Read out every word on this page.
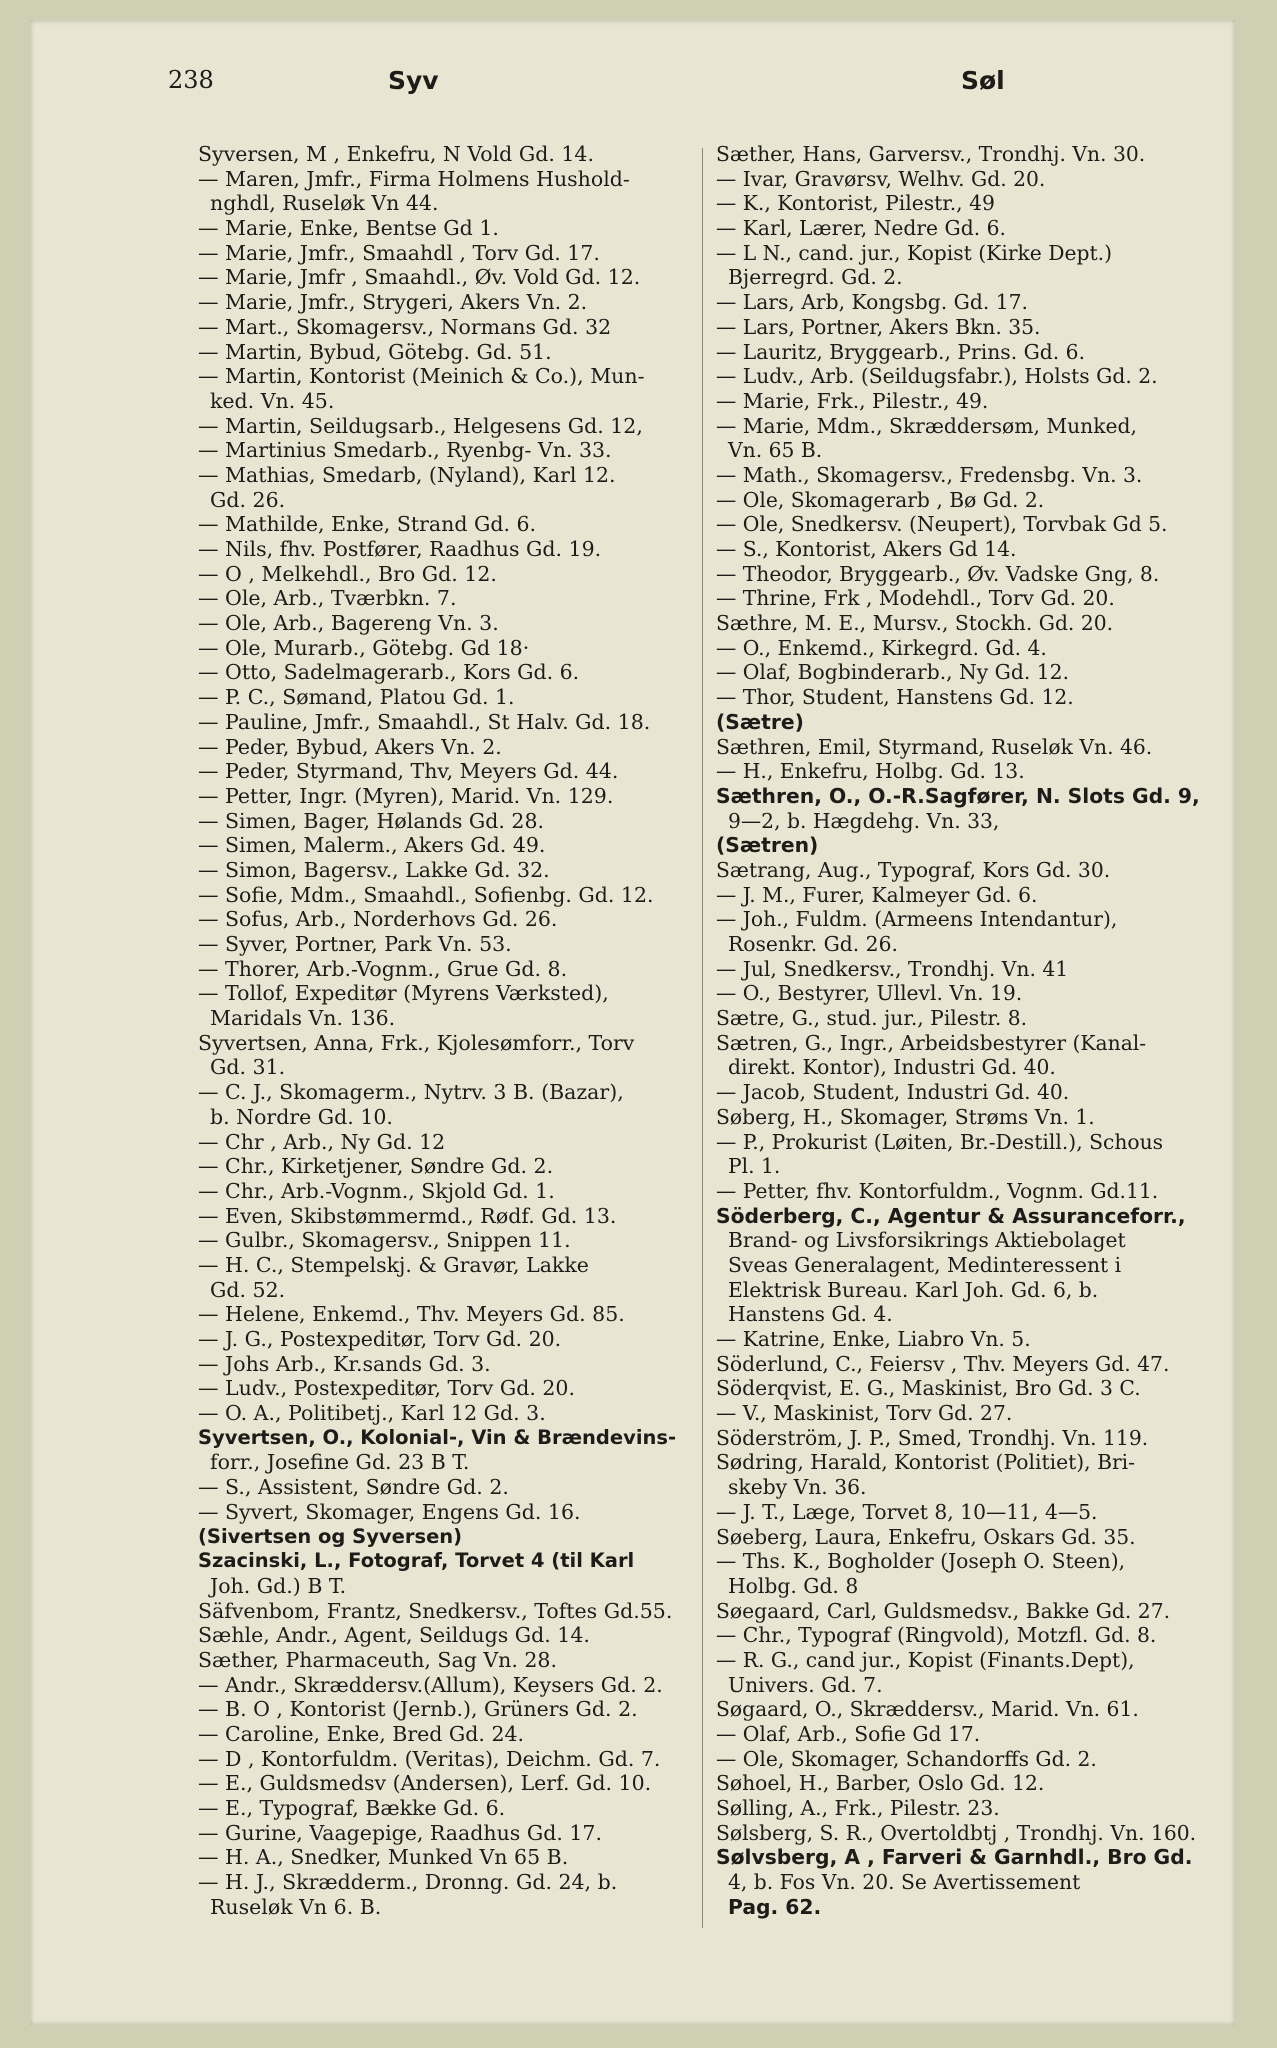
238	Syv	Søl
Syversen, M , Enkefru, N Vold Gd. 14.
— Maren, Jmfr., Firma Holmens Hushold-
nghdl, Ruseløk Vn 44.
— Marie, Enke, Bentse Gd 1.
— Marie, Jmfr., Smaahdl , Torv Gd. 17.
— Marie, Jmfr , Smaahdl., Øv. Vold Gd. 12.
— Marie, Jmfr., Strygeri, Akers Vn. 2.
— Mart., Skomagersv., Normans Gd. 32
— Martin, Bybud, Götebg. Gd. 51.
— Martin, Kontorist (Meinich & Co.), Mun-
ked. Vn. 45.
— Martin, Seildugsarb., Helgesens Gd. 12,
— Martinius Smedarb., Ryenbg- Vn. 33.
— Mathias, Smedarb, (Nyland), Karl 12.
Gd. 26.
— Mathilde, Enke, Strand Gd. 6.
— Nils, fhv. Postfører, Raadhus Gd. 19.
— O , Melkehdl., Bro Gd. 12.
— Ole, Arb., Tværbkn. 7.
— Ole, Arb., Bagereng Vn. 3.
— Ole, Murarb., Götebg. Gd 18·
— Otto, Sadelmagerarb., Kors Gd. 6.
— P. C., Sømand, Platou Gd. 1.
— Pauline, Jmfr., Smaahdl., St Halv. Gd. 18.
— Peder, Bybud, Akers Vn. 2.
— Peder, Styrmand, Thv, Meyers Gd. 44.
— Petter, Ingr. (Myren), Marid. Vn. 129.
— Simen, Bager, Hølands Gd. 28.
— Simen, Malerm., Akers Gd. 49.
— Simon, Bagersv., Lakke Gd. 32.
— Sofie, Mdm., Smaahdl., Sofienbg. Gd. 12.
— Sofus, Arb., Norderhovs Gd. 26.
— Syver, Portner, Park Vn. 53.
— Thorer, Arb.-Vognm., Grue Gd. 8.
— Tollof, Expeditør (Myrens Værksted),
Maridals Vn. 136.
Syvertsen, Anna, Frk., Kjolesømforr., Torv
Gd. 31.
— C. J., Skomagerm., Nytrv. 3 B. (Bazar),
b. Nordre Gd. 10.
— Chr , Arb., Ny Gd. 12
— Chr., Kirketjener, Søndre Gd. 2.
— Chr., Arb.-Vognm., Skjold Gd. 1.
— Even, Skibstømmermd., Rødf. Gd. 13.
— Gulbr., Skomagersv., Snippen 11.
— H. C., Stempelskj. & Gravør, Lakke
Gd. 52.
— Helene, Enkemd., Thv. Meyers Gd. 85.
— J. G., Postexpeditør, Torv Gd. 20.
— Johs Arb., Kr.sands Gd. 3.
— Ludv., Postexpeditør, Torv Gd. 20.
— O. A., Politibetj., Karl 12 Gd. 3.
Syvertsen, O., Kolonial-, Vin & Brændevins-
forr., Josefine Gd. 23 B T.
— S., Assistent, Søndre Gd. 2.
— Syvert, Skomager, Engens Gd. 16.
(Sivertsen og Syversen)
Szacinski, L., Fotograf, Torvet 4 (til Karl
Joh. Gd.) B T.
Säfvenbom, Frantz, Snedkersv., Toftes Gd.55.
Sæhle, Andr., Agent, Seildugs Gd. 14.
Sæther, Pharmaceuth, Sag Vn. 28.
— Andr., Skræddersv.(Allum), Keysers Gd. 2.
— B. O , Kontorist (Jernb.), Grüners Gd. 2.
— Caroline, Enke, Bred Gd. 24.
— D , Kontorfuldm. (Veritas), Deichm. Gd. 7.
— E., Guldsmedsv (Andersen), Lerf. Gd. 10.
— E., Typograf, Bække Gd. 6.
— Gurine, Vaagepige, Raadhus Gd. 17.
— H. A., Snedker, Munked Vn 65 B.
— H. J., Skrædderm., Dronng. Gd. 24, b.
Ruseløk Vn 6. B.
Sæther, Hans, Garversv., Trondhj. Vn. 30.
— Ivar, Gravørsv, Welhv. Gd. 20.
— K., Kontorist, Pilestr., 49
— Karl, Lærer, Nedre Gd. 6.
— L N., cand. jur., Kopist (Kirke Dept.)
Bjerregrd. Gd. 2.
— Lars, Arb, Kongsbg. Gd. 17.
— Lars, Portner, Akers Bkn. 35.
— Lauritz, Bryggearb., Prins. Gd. 6.
— Ludv., Arb. (Seildugsfabr.), Holsts Gd. 2.
— Marie, Frk., Pilestr., 49.
— Marie, Mdm., Skræddersøm, Munked,
Vn. 65 B.
— Math., Skomagersv., Fredensbg. Vn. 3.
— Ole, Skomagerarb , Bø Gd. 2.
— Ole, Snedkersv. (Neupert), Torvbak Gd 5.
— S., Kontorist, Akers Gd 14.
— Theodor, Bryggearb., Øv. Vadske Gng, 8.
— Thrine, Frk , Modehdl., Torv Gd. 20.
Sæthre, M. E., Mursv., Stockh. Gd. 20.
— O., Enkemd., Kirkegrd. Gd. 4.
— Olaf, Bogbinderarb., Ny Gd. 12.
— Thor, Student, Hanstens Gd. 12.
(Sætre)
Sæthren, Emil, Styrmand, Ruseløk Vn. 46.
— H., Enkefru, Holbg. Gd. 13.
Sæthren, O., O.-R.Sagfører, N. Slots Gd. 9,
9—2, b. Hægdehg. Vn. 33,
(Sætren)
Sætrang, Aug., Typograf, Kors Gd. 30.
— J. M., Furer, Kalmeyer Gd. 6.
— Joh., Fuldm. (Armeens Intendantur),
Rosenkr. Gd. 26.
— Jul, Snedkersv., Trondhj. Vn. 41
— O., Bestyrer, Ullevl. Vn. 19.
Sætre, G., stud. jur., Pilestr. 8.
Sætren, G., Ingr., Arbeidsbestyrer (Kanal-
direkt. Kontor), Industri Gd. 40.
— Jacob, Student, Industri Gd. 40.
Søberg, H., Skomager, Strøms Vn. 1.
— P., Prokurist (Løiten, Br.-Destill.), Schous
Pl. 1.
— Petter, fhv. Kontorfuldm., Vognm. Gd.11.
Söderberg, C., Agentur & Assuranceforr.,
Brand- og Livsforsikrings Aktiebolaget
Sveas Generalagent, Medinteressent i
Elektrisk Bureau. Karl Joh. Gd. 6, b.
Hanstens Gd. 4.
— Katrine, Enke, Liabro Vn. 5.
Söderlund, C., Feiersv , Thv. Meyers Gd. 47.
Söderqvist, E. G., Maskinist, Bro Gd. 3 C.
— V., Maskinist, Torv Gd. 27.
Söderström, J. P., Smed, Trondhj. Vn. 119.
Sødring, Harald, Kontorist (Politiet), Bri-
skeby Vn. 36.
— J. T., Læge, Torvet 8, 10—11, 4—5.
Søeberg, Laura, Enkefru, Oskars Gd. 35.
— Ths. K., Bogholder (Joseph O. Steen),
Holbg. Gd. 8
Søegaard, Carl, Guldsmedsv., Bakke Gd. 27.
— Chr., Typograf (Ringvold), Motzfl. Gd. 8.
— R. G., cand jur., Kopist (Finants.Dept),
Univers. Gd. 7.
Søgaard, O., Skræddersv., Marid. Vn. 61.
— Olaf, Arb., Sofie Gd 17.
— Ole, Skomager, Schandorffs Gd. 2.
Søhoel, H., Barber, Oslo Gd. 12.
Sølling, A., Frk., Pilestr. 23.
Sølsberg, S. R., Overtoldbtj , Trondhj. Vn. 160.
Sølvsberg, A , Farveri & Garnhdl., Bro Gd.
4, b. Fos Vn. 20. Se Avertissement
Pag. 62.
